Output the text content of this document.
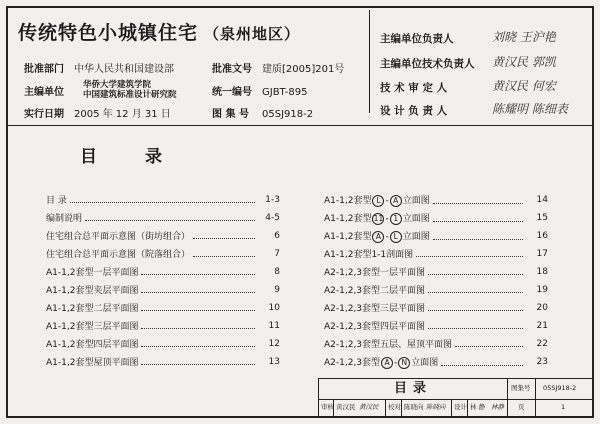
传统特色小城镇住宅 （泉州地区）
批准部门 中华人民共和国建设部	批准文号 建质[2005]201号
主编单位
华侨大学建筑学院
中国建筑标准设计研究院	统一编号 GJBT-895
实行日期 2005 年 12 月 31 日	图 集 号 05SJ918-2
主编单位负责人	刘晓 王沪艳
主编单位技术负责人 黄汉民 郭凯
技 术 审 定 人	黄汉民 何宏
设 计 负 责 人	陈耀明 陈细表
目录
目 录	1-3
编制说明	4-5
住宅组合总平面示意图（街坊组合）	6
住宅组合总平面示意图（院落组合）	7
A1-1,2套型一层平面图	8
A1-1,2套型夹层平面图	9
A1-1,2套型二层平面图	10
A1-1,2套型三层平面图	11
A1-1,2套型四层平面图	12
A1-1,2套型屋顶平面图	13
A1-1,2套型 L - A 立面图	14
A1-1,2套型 11 - 1 立面图	15
A1-1,2套型 A - L 立面图	16
A1-1,2套型1-1剖面图	17
A2-1,2,3套型一层平面图	18
A2-1,2,3套型二层平面图	19
A2-1,2,3套型三层平面图	20
A2-1,2,3套型四层平面图	21
A2-1,2,3套型五层、屋顶平面图	22
A2-1,2,3套型 A - N 立面图	23
目录	图集号 05SJ918-2
审核 黄汉民 黄汉民 校对 陈晓向 陈晓向 设计 林 静 林静 页	1
